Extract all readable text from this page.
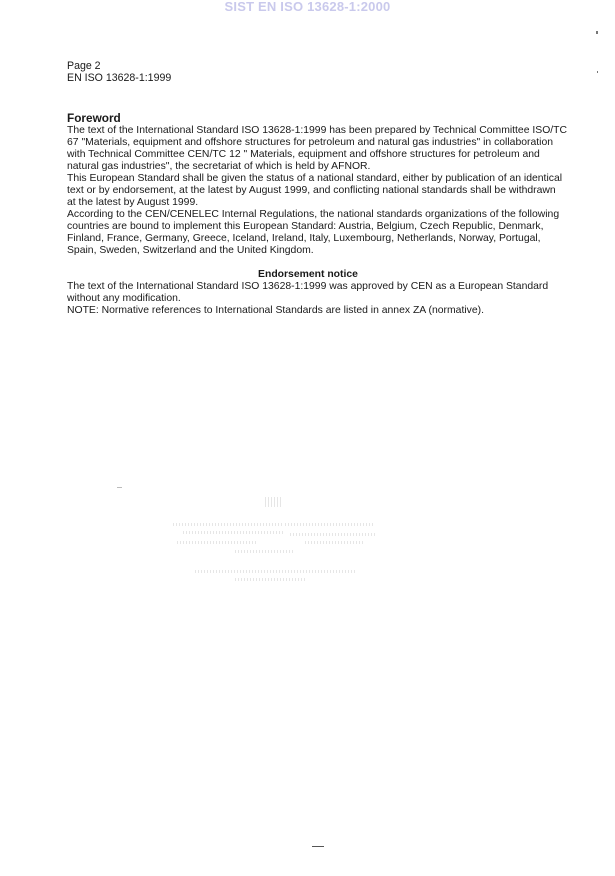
SIST EN ISO 13628-1:2000

Page 2

EN ISO 13628-1:1999

Foreword

The text of the International Standard ISO 13628-1:1999 has been prepared by Technical Committee ISO/TC 67 "Materials, equipment and offshore structures for petroleum and natural gas industries" in collaboration with Technical Committee CEN/TC 12 " Materials, equipment and offshore structures for petroleum and natural gas industries", the secretariat of which is held by AFNOR.

This European Standard shall be given the status of a national standard, either by publication of an identical text or by endorsement, at the latest by August 1999, and conflicting national standards shall be withdrawn at the latest by August 1999.

According to the CEN/CENELEC Internal Regulations, the national standards organizations of the following countries are bound to implement this European Standard: Austria, Belgium, Czech Republic, Denmark, Finland, France, Germany, Greece, Iceland, Ireland, Italy, Luxembourg, Netherlands, Norway, Portugal, Spain, Sweden, Switzerland and the United Kingdom.

Endorsement notice

The text of the International Standard ISO 13628-1:1999 was approved by CEN as a European Standard without any modification.

NOTE: Normative references to International Standards are listed in annex ZA (normative).
